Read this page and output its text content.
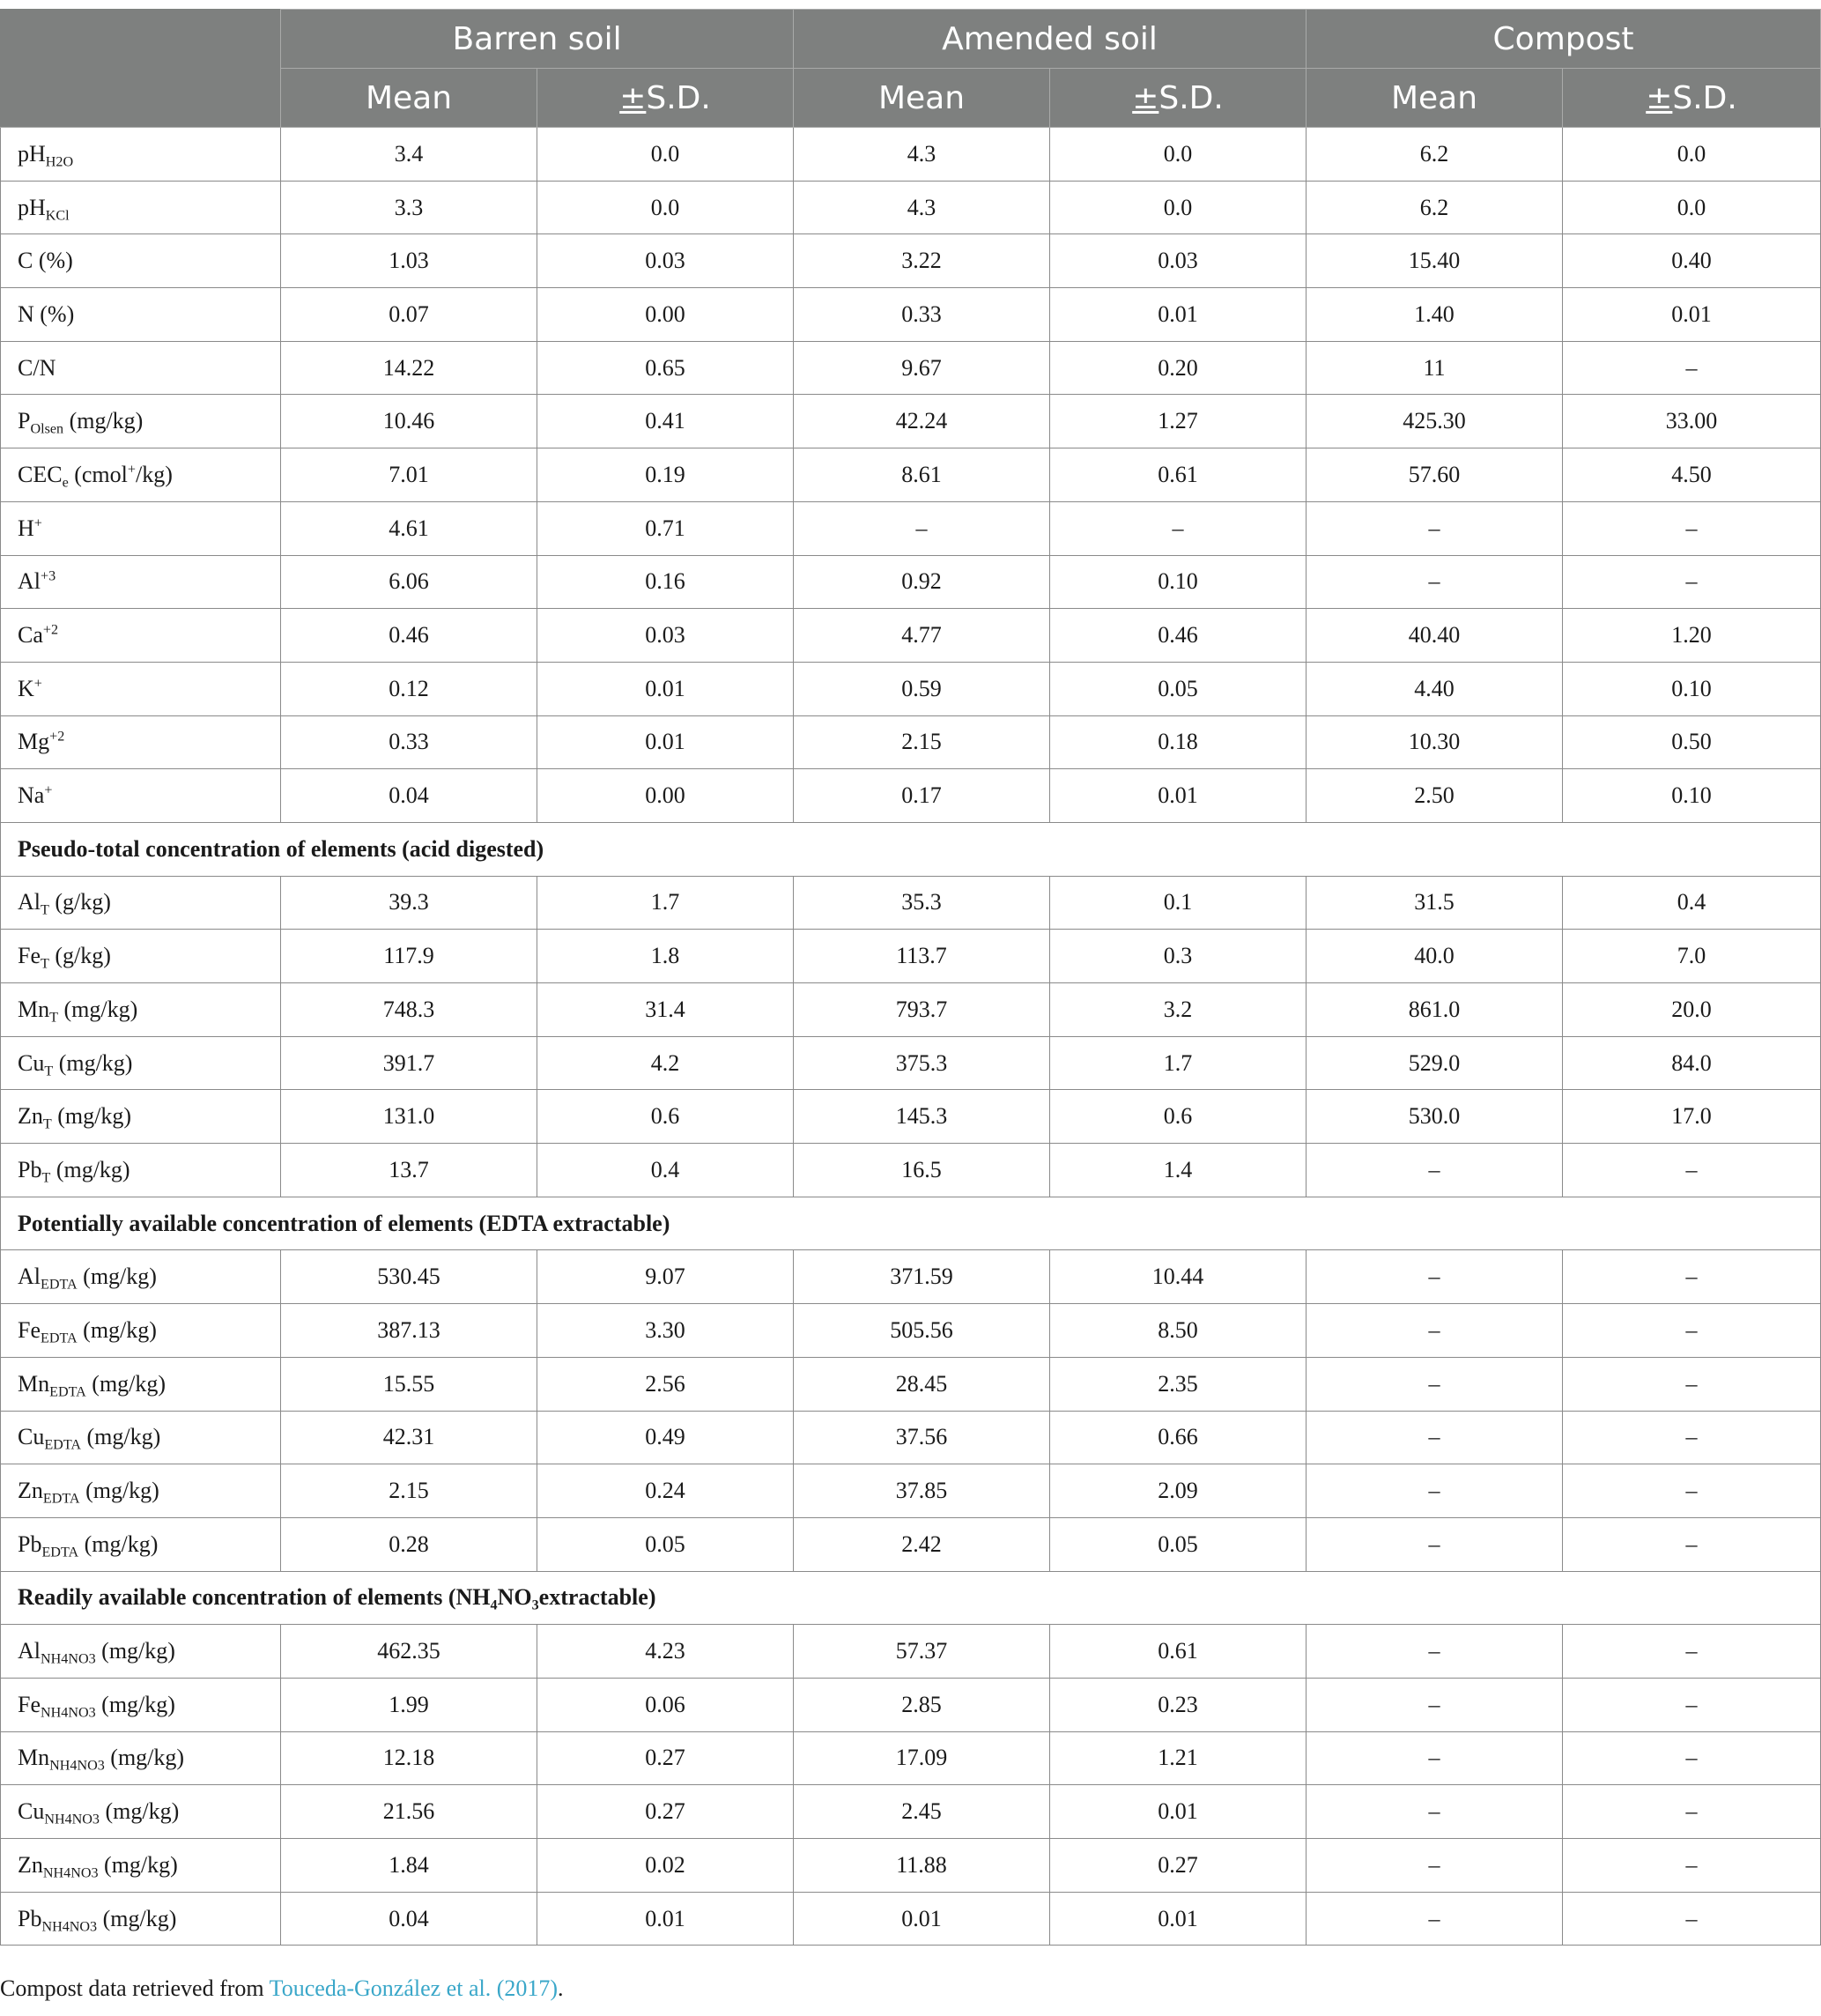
	Barren soil		Amended soil		Compost	
	Mean	±S.D.	Mean	±S.D.	Mean	±S.D.
$pH_{H2O}$	3.4	0.0	4.3	0.0	6.2	0.0
$pH_{KCl}$	3.3	0.0	4.3	0.0	6.2	0.0
C (%)	1.03	0.03	3.22	0.03	15.40	0.40
N (%)	0.07	0.00	0.33	0.01	1.40	0.01
C/N	14.22	0.65	9.67	0.20	11	–
$P_{Olsen}$ (mg/kg)	10.46	0.41	42.24	1.27	425.30	33.00
$CEC_e$ (cmol+/kg)	7.01	0.19	8.61	0.61	57.60	4.50
H+	4.61	0.71	–	–	–	–
$Al^{+3}$	6.06	0.16	0.92	0.10	–	–
$Ca^{+2}$	0.46	0.03	4.77	0.46	40.40	1.20
K+	0.12	0.01	0.59	0.05	4.40	0.10
$Mg^{+2}$	0.33	0.01	2.15	0.18	10.30	0.50
Na+	0.04	0.00	0.17	0.01	2.50	0.10
Pseudo-total concentration of elements (acid digested)						
$Al_T$ (g/kg)	39.3	1.7	35.3	0.1	31.5	0.4
$Fe_T$ (g/kg)	117.9	1.8	113.7	0.3	40.0	7.0
$Mn_T$ (mg/kg)	748.3	31.4	793.7	3.2	861.0	20.0
$Cu_T$ (mg/kg)	391.7	4.2	375.3	1.7	529.0	84.0
$Zn_T$ (mg/kg)	131.0	0.6	145.3	0.6	530.0	17.0
$Pb_T$ (mg/kg)	13.7	0.4	16.5	1.4	–	–
Potentially available concentration of elements (EDTA extractable)						
$Al_{EDTA}$ (mg/kg)	530.45	9.07	371.59	10.44	–	–
$Fe_{EDTA}$ (mg/kg)	387.13	3.30	505.56	8.50	–	–
$Mn_{EDTA}$ (mg/kg)	15.55	2.56	28.45	2.35	–	–
$Cu_{EDTA}$ (mg/kg)	42.31	0.49	37.56	0.66	–	–
$Zn_{EDTA}$ (mg/kg)	2.15	0.24	37.85	2.09	–	–
$Pb_{EDTA}$ (mg/kg)	0.28	0.05	2.42	0.05	–	–
Readily available concentration of elements $(NH_4NO_3extractable)$						
$Al_{NH4NO3}$ (mg/kg)	462.35	4.23	57.37	0.61	–	–
$Fe_{NH4NO3}$ (mg/kg)	1.99	0.06	2.85	0.23	–	–
$Mn_{NH4NO3}$ (mg/kg)	12.18	0.27	17.09	1.21	–	–
$Cu_{NH4NO3}$ (mg/kg)	21.56	0.27	2.45	0.01	–	–
$Zn_{NH4NO3}$ (mg/kg)	1.84	0.02	11.88	0.27	–	–
$Pb_{NH4NO3}$ (mg/kg)	0.04	0.01	0.01	0.01	–	–
Compost data retrieved from Touceda-González et al. (2017).
